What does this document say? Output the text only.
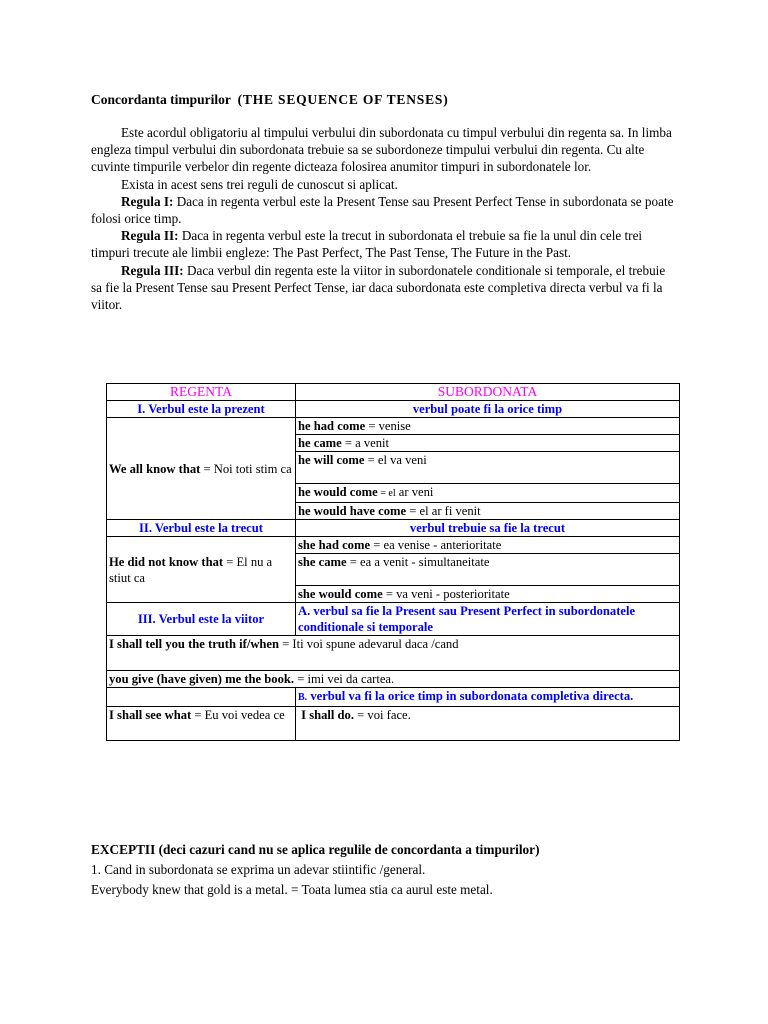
Concordanta timpurilor (THE SEQUENCE OF TENSES)

Este acordul obligatoriu al timpului verbului din subordonata cu timpul verbului din regenta sa. In limba engleza timpul verbului din subordonata trebuie sa se subordoneze timpului verbului din regenta. Cu alte cuvinte timpurile verbelor din regente dicteaza folosirea anumitor timpuri in subordonatele lor.

Exista in acest sens trei reguli de cunoscut si aplicat.

Regula I: Daca in regenta verbul este la Present Tense sau Present Perfect Tense in subordonata se poate folosi orice timp.

Regula II: Daca in regenta verbul este la trecut in subordonata el trebuie sa fie la unul din cele trei timpuri trecute ale limbii engleze: The Past Perfect, The Past Tense, The Future in the Past.

Regula III: Daca verbul din regenta este la viitor in subordonatele conditionale si temporale, el trebuie sa fie la Present Tense sau Present Perfect Tense, iar daca subordonata este completiva directa verbul va fi la viitor.

REGENTA	SUBORDONATA
I. Verbul este la prezent	verbul poate fi la orice timp
We all know that = Noi toti stim ca	he had come = venise
	he came = a venit
	he will come = el va veni
	he would come = el ar veni
	he would have come = el ar fi venit
II. Verbul este la trecut	verbul trebuie sa fie la trecut
He did not know that = El nu a stiut ca	she had come = ea venise - anterioritate
	she came = ea a venit - simultaneitate
	she would come = va veni - posterioritate
III. Verbul este la viitor	A. verbul sa fie la Present sau Present Perfect in subordonatele conditionale si temporale
I shall tell you the truth if/when = Iti voi spune adevarul daca /cand	
you give (have given) me the book. = imi vei da cartea.	
	B. verbul va fi la orice timp in subordonata completiva directa.
I shall see what = Eu voi vedea ce	I shall do. = voi face.
EXCEPTII (deci cazuri cand nu se aplica regulile de concordanta a timpurilor)
1. Cand in subordonata se exprima un adevar stiintific /general.
Everybody knew that gold is a metal. = Toata lumea stia ca aurul este metal.
